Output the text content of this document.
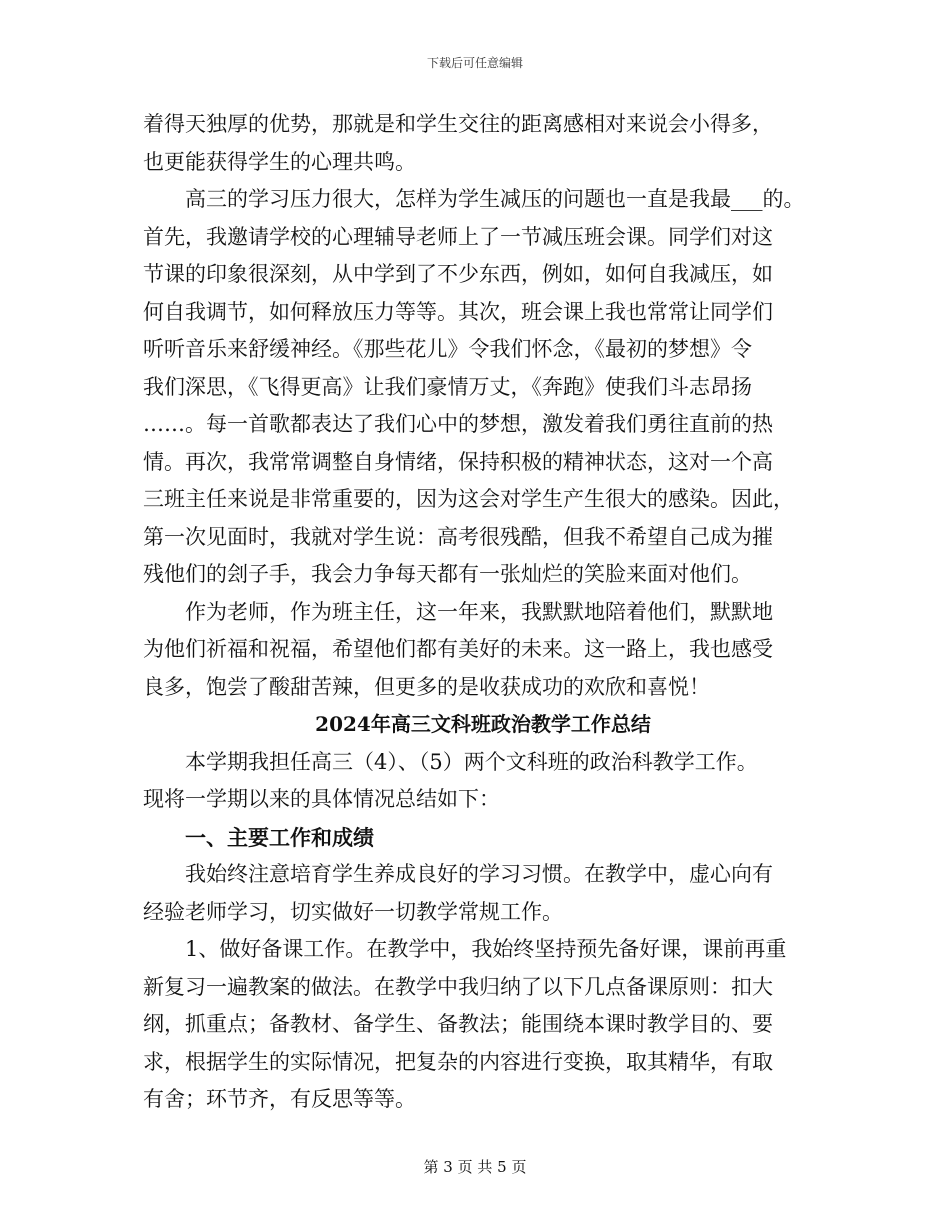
下载后可任意编辑
着得天独厚的优势，那就是和学生交往的距离感相对来说会小得多，
也更能获得学生的心理共鸣。
高三的学习压力很大，怎样为学生减压的问题也一直是我最___的。
首先，我邀请学校的心理辅导老师上了一节减压班会课。同学们对这
节课的印象很深刻，从中学到了不少东西，例如，如何自我减压，如
何自我调节，如何释放压力等等。其次，班会课上我也常常让同学们
听听音乐来舒缓神经。《那些花儿》令我们怀念，《最初的梦想》令
我们深思，《飞得更高》让我们豪情万丈，《奔跑》使我们斗志昂扬
……。每一首歌都表达了我们心中的梦想，激发着我们勇往直前的热
情。再次，我常常调整自身情绪，保持积极的精神状态，这对一个高
三班主任来说是非常重要的，因为这会对学生产生很大的感染。因此，
第一次见面时，我就对学生说：高考很残酷，但我不希望自己成为摧
残他们的刽子手，我会力争每天都有一张灿烂的笑脸来面对他们。
作为老师，作为班主任，这一年来，我默默地陪着他们，默默地
为他们祈福和祝福，希望他们都有美好的未来。这一路上，我也感受
良多，饱尝了酸甜苦辣，但更多的是收获成功的欢欣和喜悦！
2024年高三文科班政治教学工作总结
本学期我担任高三（4）、（5）两个文科班的政治科教学工作。
现将一学期以来的具体情况总结如下：
一、主要工作和成绩
我始终注意培育学生养成良好的学习习惯。在教学中，虚心向有
经验老师学习，切实做好一切教学常规工作。
1、做好备课工作。在教学中，我始终坚持预先备好课，课前再重
新复习一遍教案的做法。在教学中我归纳了以下几点备课原则：扣大
纲，抓重点；备教材、备学生、备教法；能围绕本课时教学目的、要
求，根据学生的实际情况，把复杂的内容进行变换，取其精华，有取
有舍；环节齐，有反思等等。
第 3 页 共 5 页
